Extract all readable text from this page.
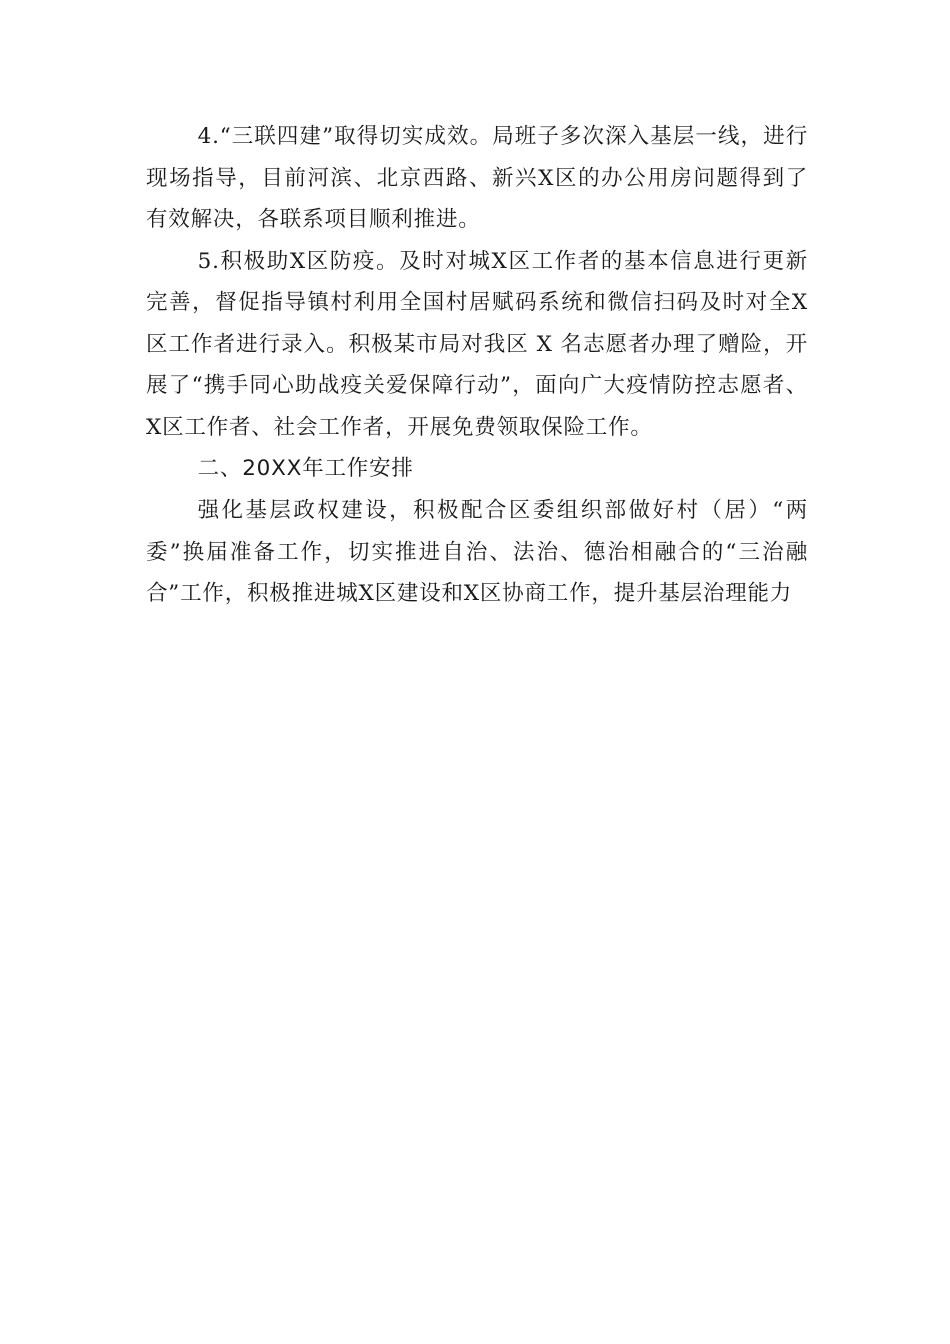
4.“三联四建”取得切实成效。局班子多次深入基层一线，进行现场指导，目前河滨、北京西路、新兴X区的办公用房问题得到了有效解决，各联系项目顺利推进。

5.积极助X区防疫。及时对城X区工作者的基本信息进行更新完善，督促指导镇村利用全国村居赋码系统和微信扫码及时对全X区工作者进行录入。积极某市局对我区 X 名志愿者办理了赠险，开展了“携手同心助战疫关爱保障行动”，面向广大疫情防控志愿者、X区工作者、社会工作者，开展免费领取保险工作。

二、20XX年工作安排

强化基层政权建设，积极配合区委组织部做好村（居）“两委”换届准备工作，切实推进自治、法治、德治相融合的“三治融合”工作，积极推进城X区建设和X区协商工作，提升基层治理能力
